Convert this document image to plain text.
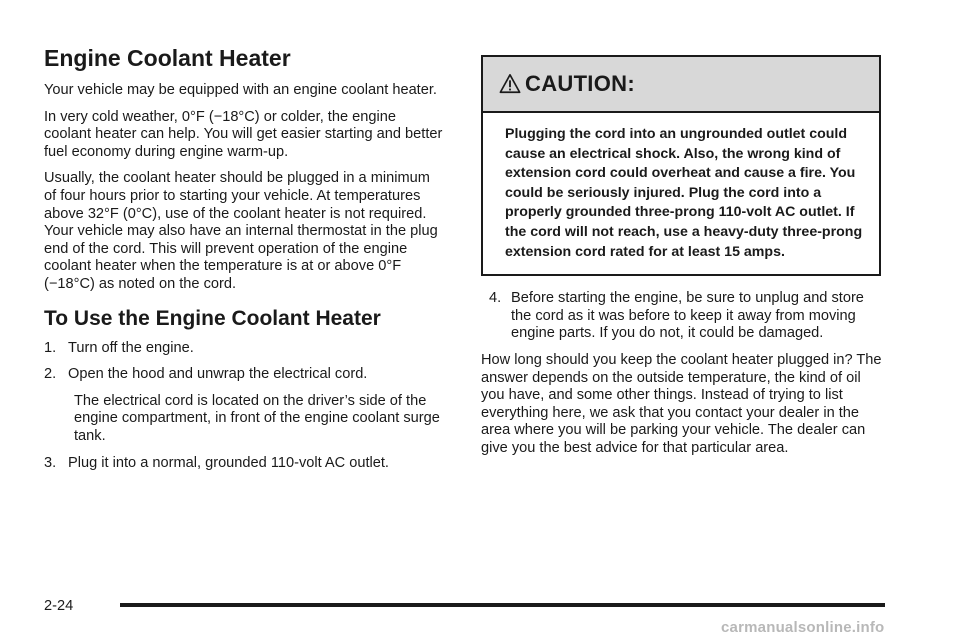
Engine Coolant Heater

Your vehicle may be equipped with an engine coolant heater.

In very cold weather, 0°F (−18°C) or colder, the engine coolant heater can help. You will get easier starting and better fuel economy during engine warm-up.

Usually, the coolant heater should be plugged in a minimum of four hours prior to starting your vehicle. At temperatures above 32°F (0°C), use of the coolant heater is not required. Your vehicle may also have an internal thermostat in the plug end of the cord. This will prevent operation of the engine coolant heater when the temperature is at or above 0°F (−18°C) as noted on the cord.

To Use the Engine Coolant Heater
1. Turn off the engine.
2. Open the hood and unwrap the electrical cord.
The electrical cord is located on the driver’s side of the engine compartment, in front of the engine coolant surge tank.
3. Plug it into a normal, grounded 110-volt AC outlet.
CAUTION:
Plugging the cord into an ungrounded outlet could cause an electrical shock. Also, the wrong kind of extension cord could overheat and cause a fire. You could be seriously injured. Plug the cord into a properly grounded three-prong 110-volt AC outlet. If the cord will not reach, use a heavy-duty three-prong extension cord rated for at least 15 amps.
4. Before starting the engine, be sure to unplug and store the cord as it was before to keep it away from moving engine parts. If you do not, it could be damaged.

How long should you keep the coolant heater plugged in? The answer depends on the outside temperature, the kind of oil you have, and some other things. Instead of trying to list everything here, we ask that you contact your dealer in the area where you will be parking your vehicle. The dealer can give you the best advice for that particular area.

2-24
carmanualsonline.info
